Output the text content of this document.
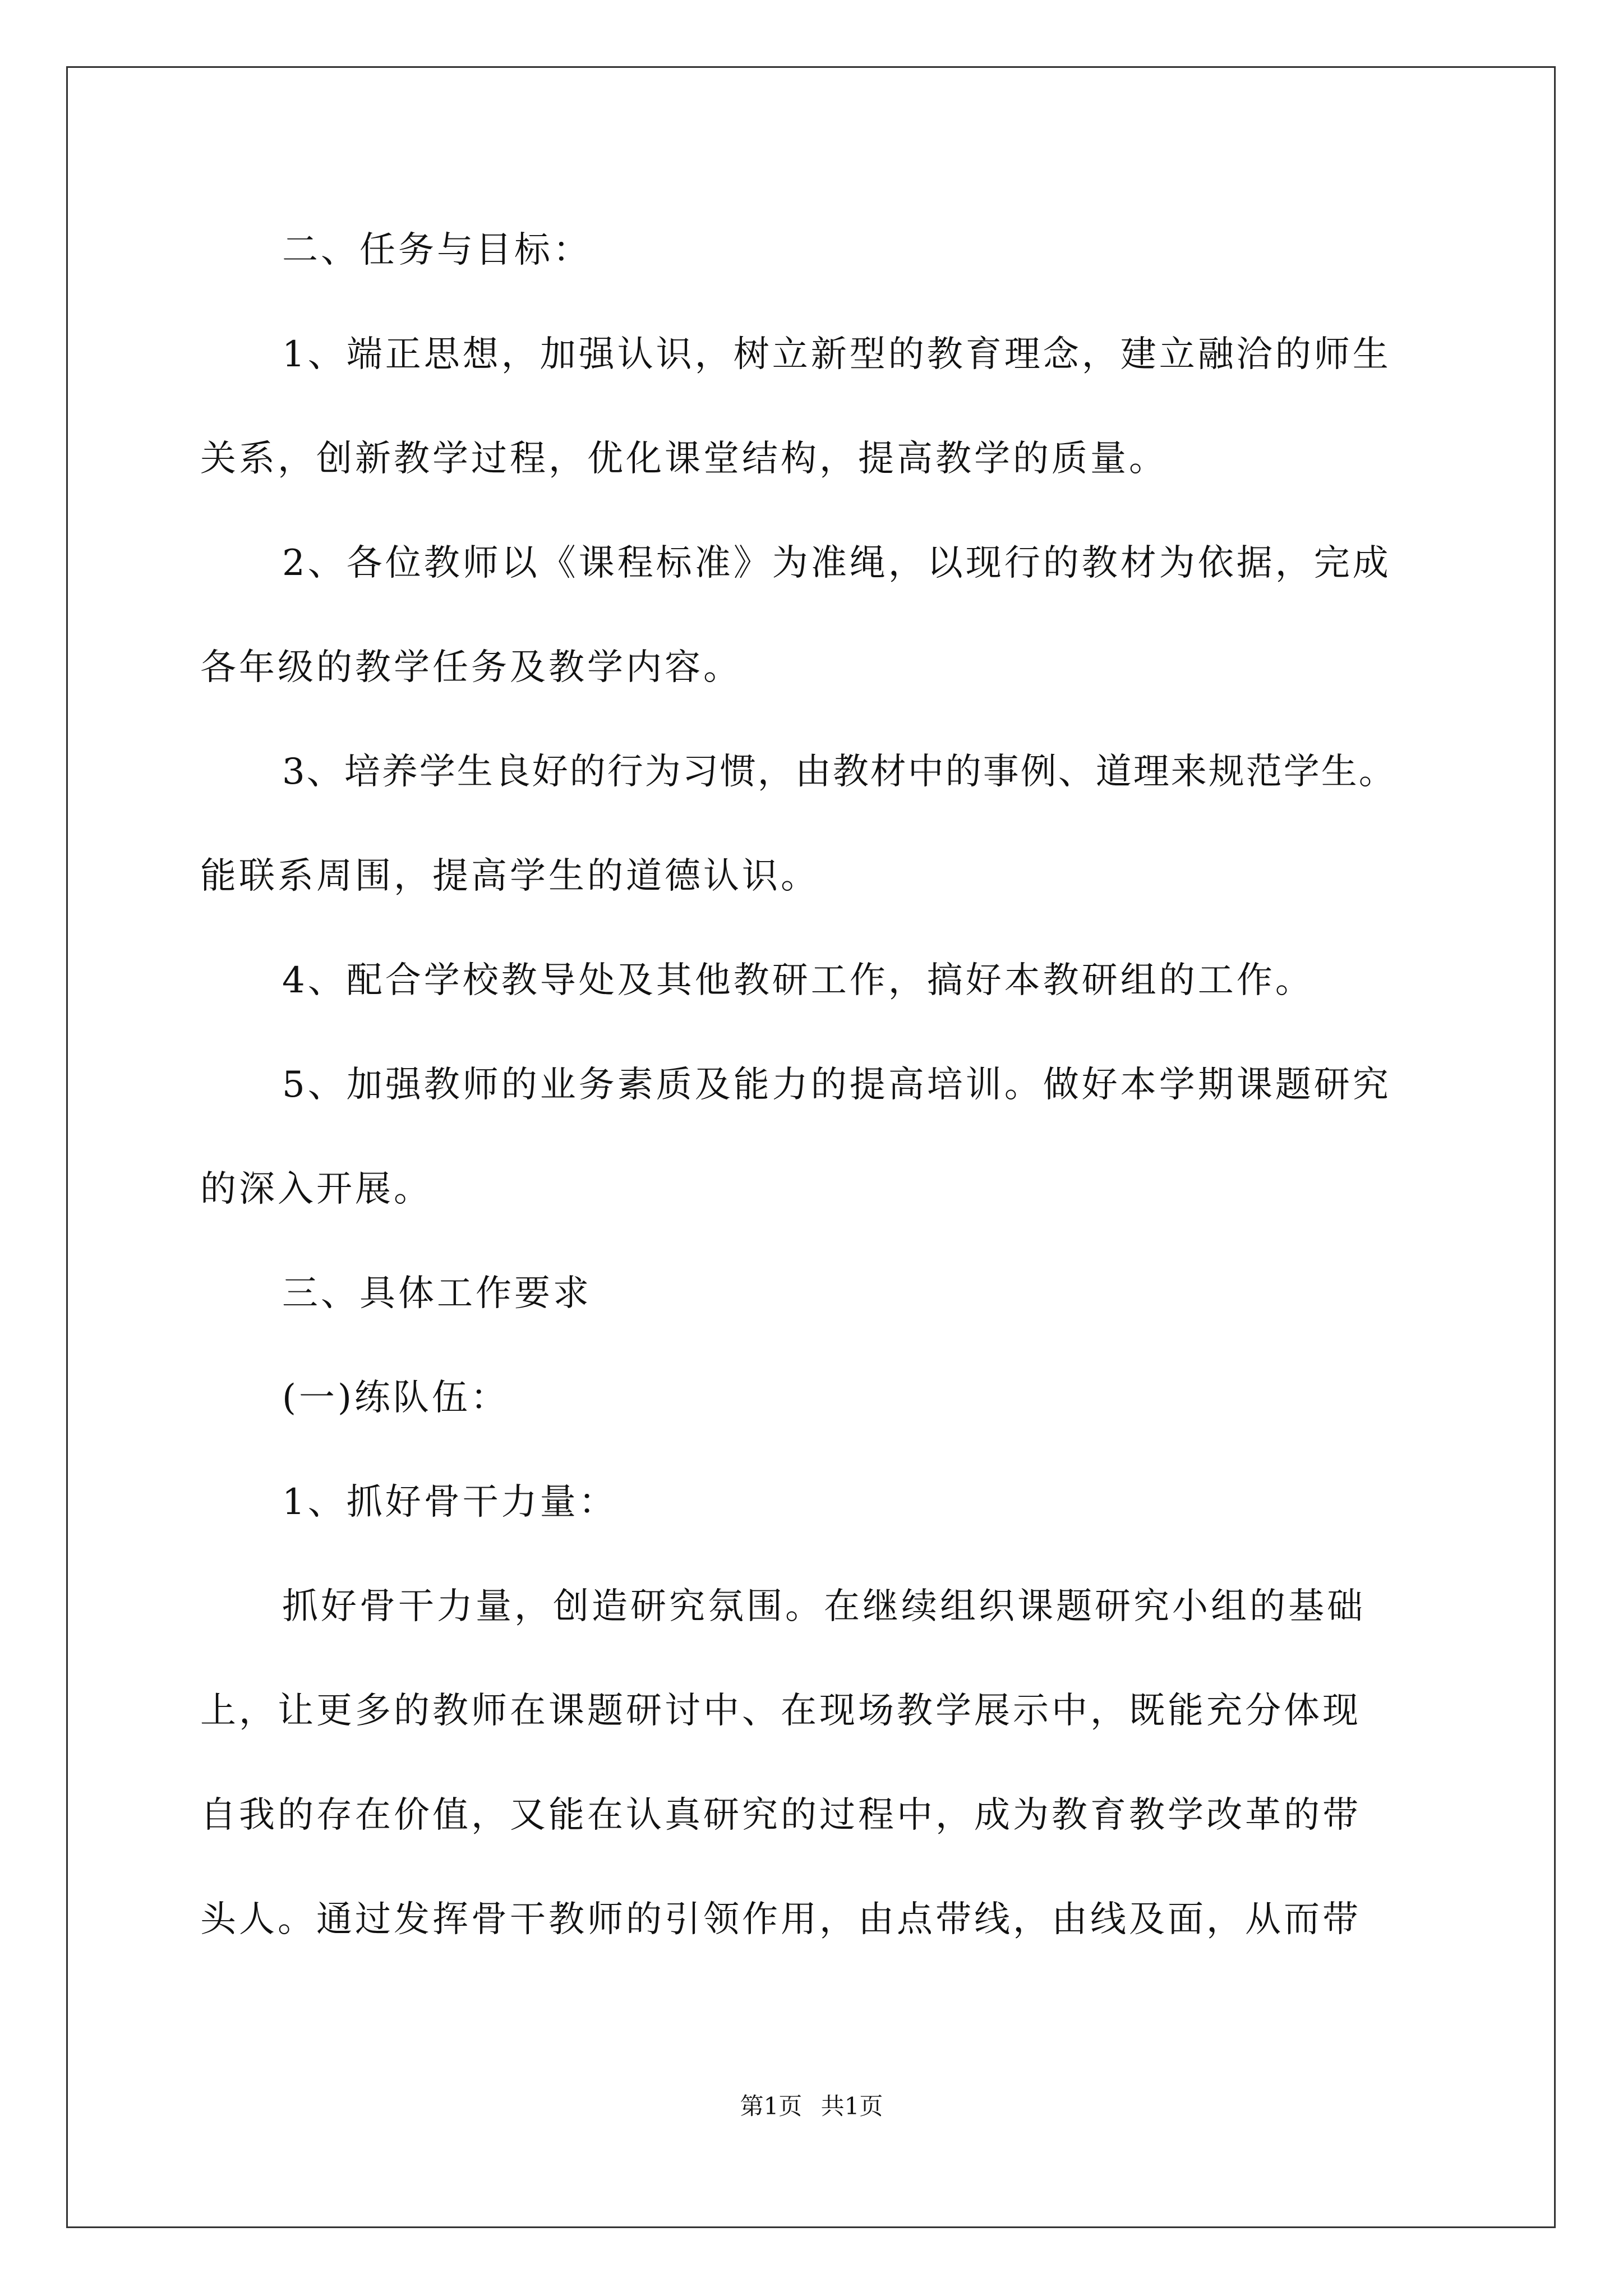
二、任务与目标：
1、端正思想，加强认识，树立新型的教育理念，建立融洽的师生
关系，创新教学过程，优化课堂结构，提高教学的质量。
2、各位教师以《课程标准》为准绳，以现行的教材为依据，完成
各年级的教学任务及教学内容。
3、培养学生良好的行为习惯，由教材中的事例、道理来规范学生。
能联系周围，提高学生的道德认识。
4、配合学校教导处及其他教研工作，搞好本教研组的工作。
5、加强教师的业务素质及能力的提高培训。做好本学期课题研究
的深入开展。
三、具体工作要求
(一)练队伍：
1、抓好骨干力量：
抓好骨干力量，创造研究氛围。在继续组织课题研究小组的基础
上，让更多的教师在课题研讨中、在现场教学展示中，既能充分体现
自我的存在价值，又能在认真研究的过程中，成为教育教学改革的带
头人。通过发挥骨干教师的引领作用，由点带线，由线及面，从而带
第1页 共1页
